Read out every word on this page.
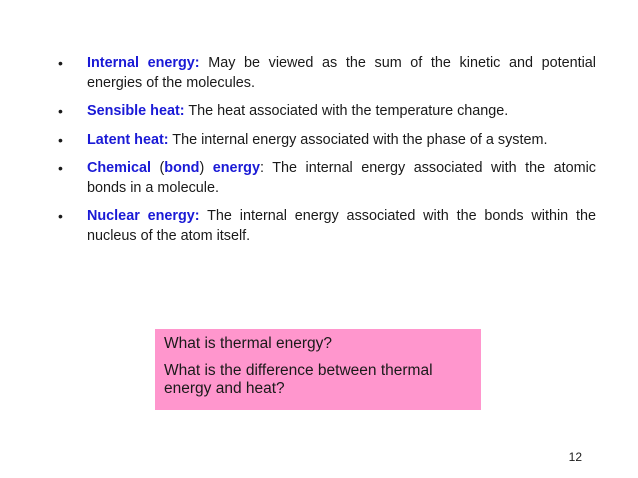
• Internal energy: May be viewed as the sum of the kinetic and potential energies of the molecules.
• Sensible heat: The heat associated with the temperature change.
• Latent heat: The internal energy associated with the phase of a system.
• Chemical (bond) energy: The internal energy associated with the atomic bonds in a molecule.
• Nuclear energy: The internal energy associated with the bonds within the nucleus of the atom itself.

What is thermal energy?

What is the difference between thermal energy and heat?

12
